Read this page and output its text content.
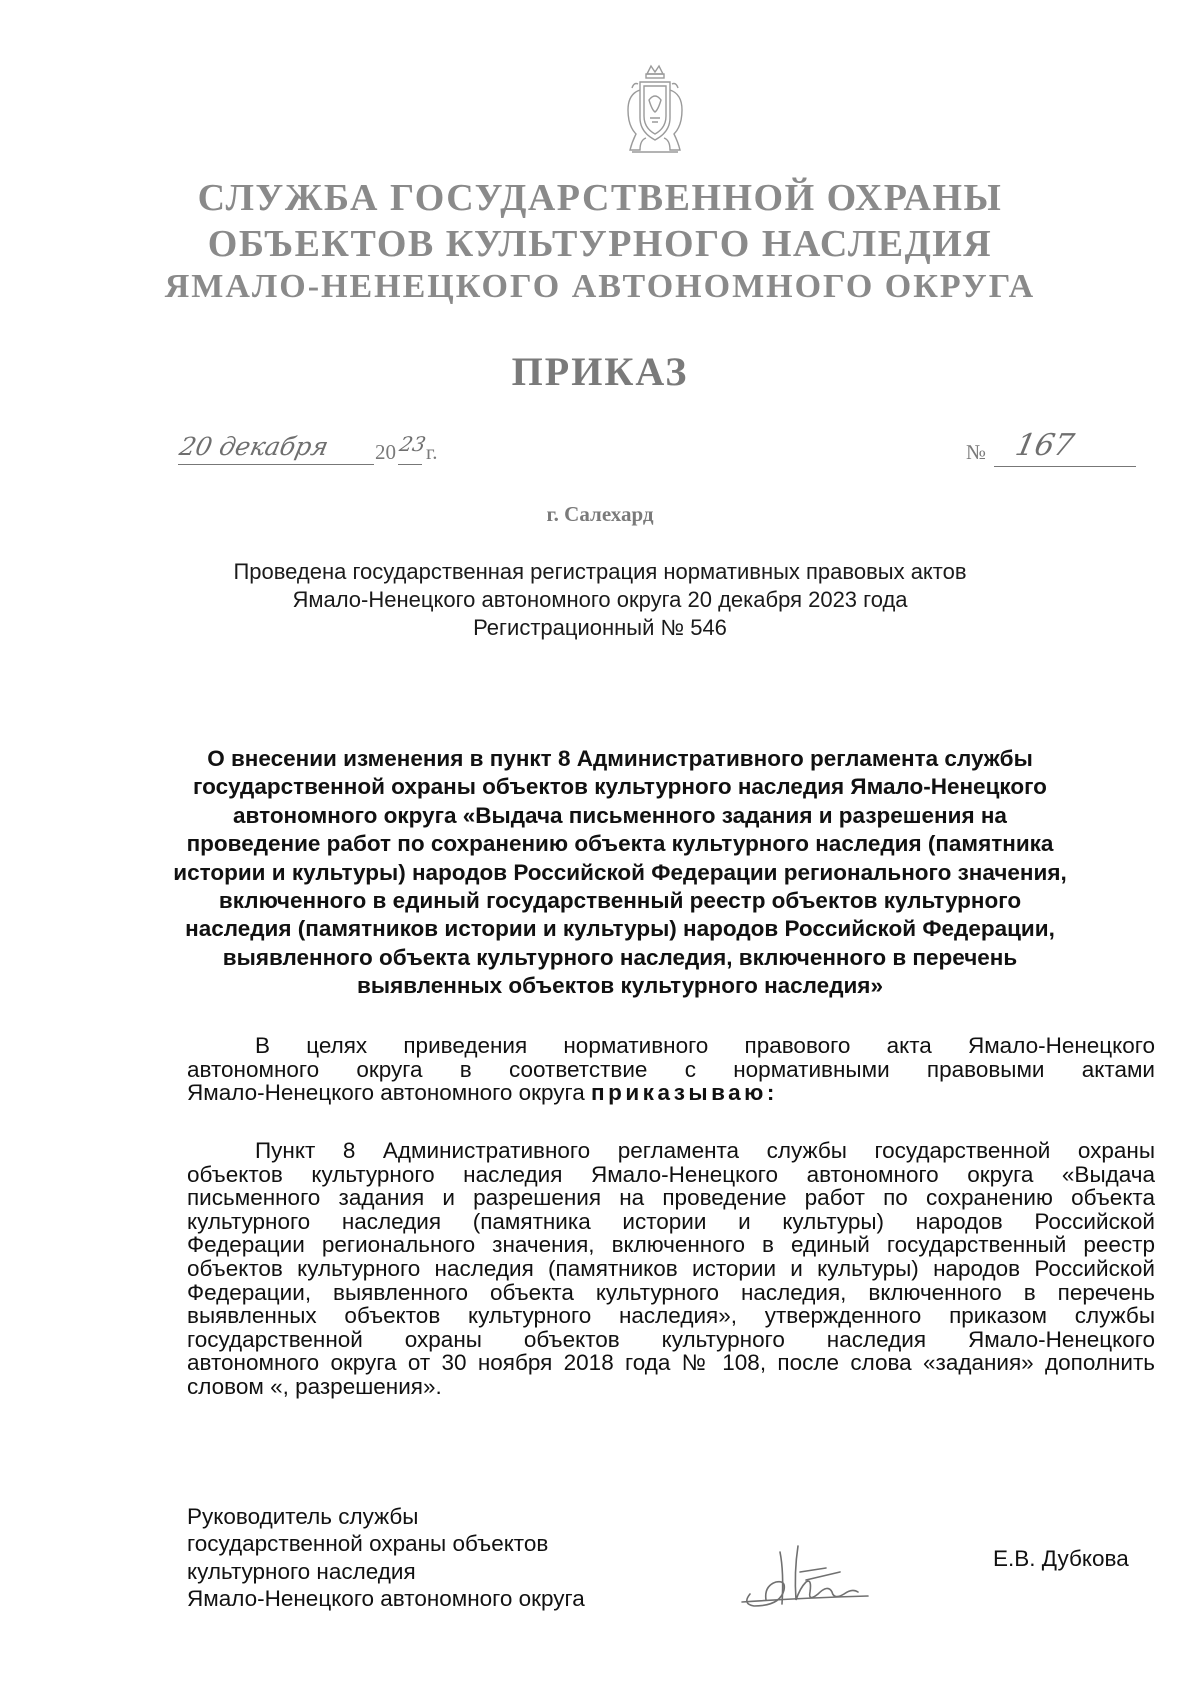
СЛУЖБА ГОСУДАРСТВЕННОЙ ОХРАНЫ
ОБЪЕКТОВ КУЛЬТУРНОГО НАСЛЕДИЯ
ЯМАЛО-НЕНЕЦКОГО АВТОНОМНОГО ОКРУГА
ПРИКАЗ
20 декабря 20 23
г.	№ 167
г. Салехард
Проведена государственная регистрация нормативных правовых актов
Ямало-Ненецкого автономного округа 20 декабря 2023 года
Регистрационный № 546
О внесении изменения в пункт 8 Административного регламента службы государственной охраны объектов культурного наследия Ямало-Ненецкого автономного округа «Выдача письменного задания и разрешения на проведение работ по сохранению объекта культурного наследия (памятника истории и культуры) народов Российской Федерации регионального значения, включенного в единый государственный реестр объектов культурного наследия (памятников истории и культуры) народов Российской Федерации, выявленного объекта культурного наследия, включенного в перечень выявленных объектов культурного наследия»
В целях приведения нормативного правового акта Ямало-Ненецкого
автономного округа в соответствие с нормативными правовыми актами
Ямало-Ненецкого автономного округа приказываю:
Пункт 8 Административного регламента службы государственной охраны
объектов культурного наследия Ямало-Ненецкого автономного округа «Выдача
письменного задания и разрешения на проведение работ по сохранению объекта
культурного наследия (памятника истории и культуры) народов Российской
Федерации регионального значения, включенного в единый государственный реестр
объектов культурного наследия (памятников истории и культуры) народов Российской
Федерации, выявленного объекта культурного наследия, включенного в перечень
выявленных объектов культурного наследия», утвержденного приказом службы
государственной охраны объектов культурного наследия Ямало-Ненецкого
автономного округа от 30 ноября 2018 года № 108, после слова «задания» дополнить
словом «, разрешения».
Руководитель службы
государственной охраны объектов
культурного наследия
Ямало-Ненецкого автономного округа
Е.В. Дубкова
